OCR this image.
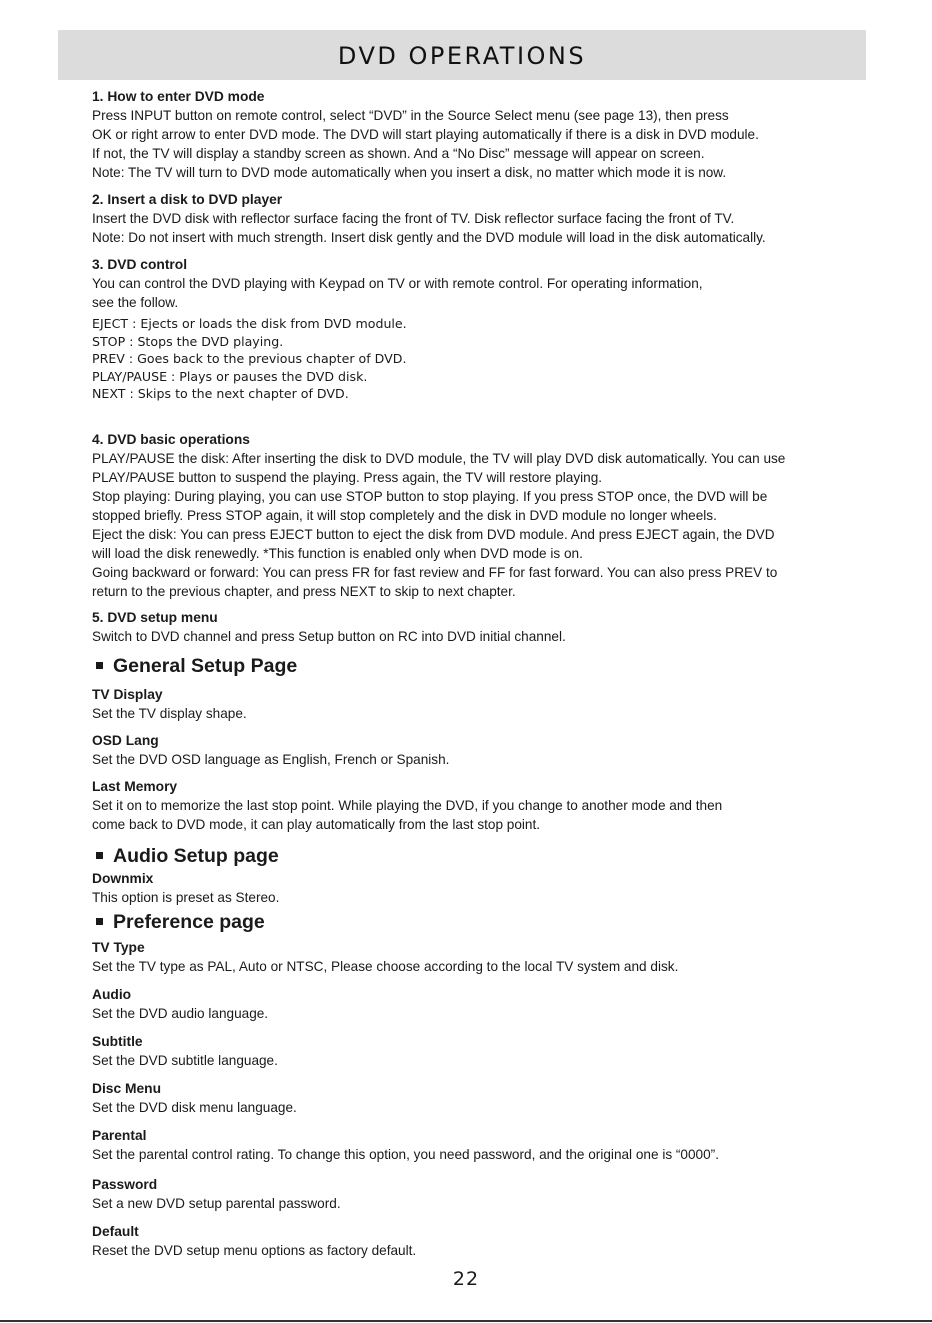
DVD OPERATIONS
1. How to enter DVD mode
Press INPUT button on remote control, select “DVD” in the Source Select menu (see page 13), then press
OK or right arrow to enter DVD mode. The DVD will start playing automatically if there is a disk in DVD module.
If not, the TV will display a standby screen as shown. And a “No Disc” message will appear on screen.
Note: The TV will turn to DVD mode automatically when you insert a disk, no matter which mode it is now.
2. Insert a disk to DVD player
Insert the DVD disk with reflector surface facing the front of TV. Disk reflector surface facing the front of TV.
Note: Do not insert with much strength. Insert disk gently and the DVD module will load in the disk automatically.
3. DVD control
You can control the DVD playing with Keypad on TV or with remote control. For operating information,
see the follow.
EJECT : Ejects or loads the disk from DVD module.
STOP : Stops the DVD playing.
PREV : Goes back to the previous chapter of DVD.
PLAY/PAUSE : Plays or pauses the DVD disk.
NEXT : Skips to the next chapter of DVD.
4. DVD basic operations
PLAY/PAUSE the disk: After inserting the disk to DVD module, the TV will play DVD disk automatically. You can use
PLAY/PAUSE button to suspend the playing. Press again, the TV will restore playing.
Stop playing: During playing, you can use STOP button to stop playing. If you press STOP once, the DVD will be
stopped briefly. Press STOP again, it will stop completely and the disk in DVD module no longer wheels.
Eject the disk: You can press EJECT button to eject the disk from DVD module. And press EJECT again, the DVD
will load the disk renewedly. *This function is enabled only when DVD mode is on.
Going backward or forward: You can press FR for fast review and FF for fast forward. You can also press PREV to
return to the previous chapter, and press NEXT to skip to next chapter.
5. DVD setup menu
Switch to DVD channel and press Setup button on RC into DVD initial channel.
General Setup Page
TV Display
Set the TV display shape.
OSD Lang
Set the DVD OSD language as English, French or Spanish.
Last Memory
Set it on to memorize the last stop point. While playing the DVD, if you change to another mode and then
come back to DVD mode, it can play automatically from the last stop point.
Audio Setup page
Downmix
This option is preset as Stereo.
Preference page
TV Type
Set the TV type as PAL, Auto or NTSC, Please choose according to the local TV system and disk.
Audio
Set the DVD audio language.
Subtitle
Set the DVD subtitle language.
Disc Menu
Set the DVD disk menu language.
Parental
Set the parental control rating. To change this option, you need password, and the original one is “0000”.
Password
Set a new DVD setup parental password.
Default
Reset the DVD setup menu options as factory default.
22
